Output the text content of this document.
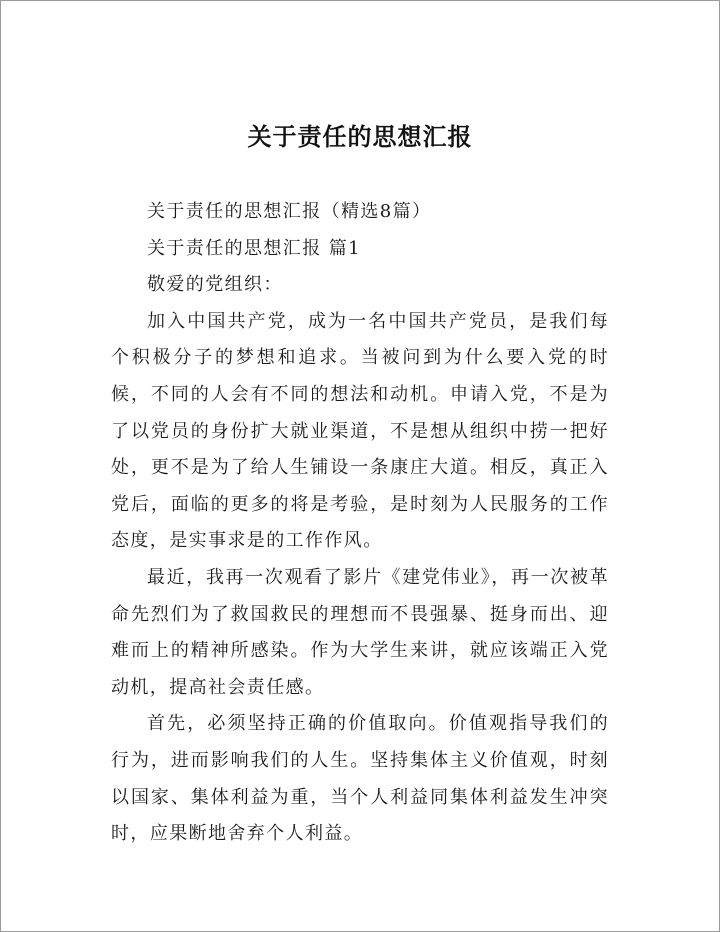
关于责任的思想汇报

关于责任的思想汇报（精选8篇）

关于责任的思想汇报 篇1

敬爱的党组织：

加入中国共产党，成为一名中国共产党员，是我们每个积极分子的梦想和追求。当被问到为什么要入党的时候，不同的人会有不同的想法和动机。申请入党，不是为了以党员的身份扩大就业渠道，不是想从组织中捞一把好处，更不是为了给人生铺设一条康庄大道。相反，真正入党后，面临的更多的将是考验，是时刻为人民服务的工作态度，是实事求是的工作作风。

最近，我再一次观看了影片《建党伟业》，再一次被革命先烈们为了救国救民的理想而不畏强暴、挺身而出、迎难而上的精神所感染。作为大学生来讲，就应该端正入党动机，提高社会责任感。

首先，必须坚持正确的价值取向。价值观指导我们的行为，进而影响我们的人生。坚持集体主义价值观，时刻以国家、集体利益为重，当个人利益同集体利益发生冲突时，应果断地舍弃个人利益。
